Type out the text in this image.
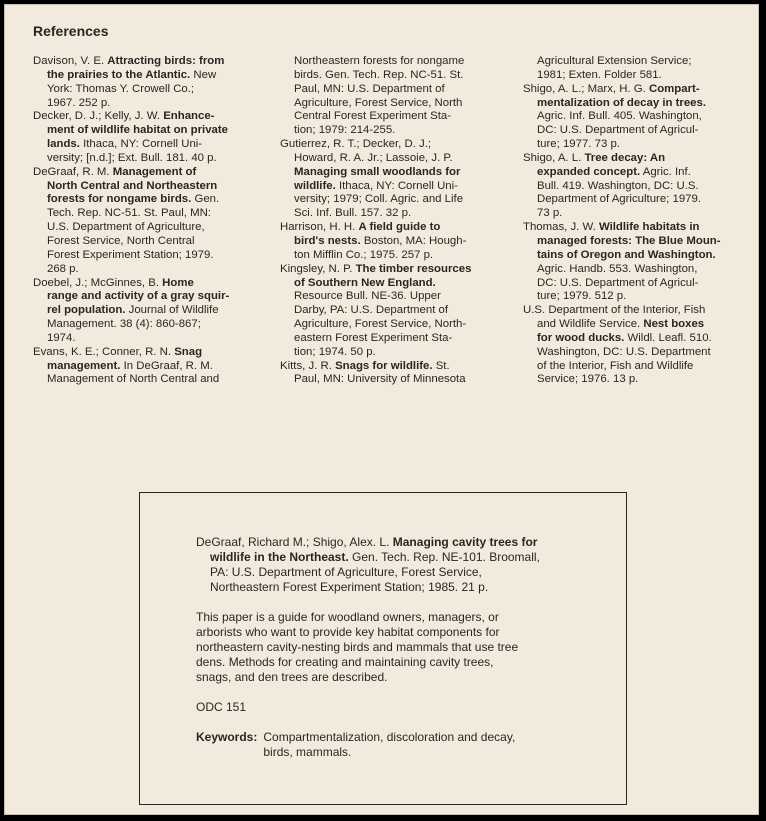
References
Davison, V. E. Attracting birds: from
the prairies to the Atlantic. New
York: Thomas Y. Crowell Co.;
1967. 252 p.
Decker, D. J.; Kelly, J. W. Enhance-
ment of wildlife habitat on private
lands. Ithaca, NY: Cornell Uni-
versity; [n.d.]; Ext. Bull. 181. 40 p.
DeGraaf, R. M. Management of
North Central and Northeastern
forests for nongame birds. Gen.
Tech. Rep. NC-51. St. Paul, MN:
U.S. Department of Agriculture,
Forest Service, North Central
Forest Experiment Station; 1979.
268 p.
Doebel, J.; McGinnes, B. Home
range and activity of a gray squir-
rel population. Journal of Wildlife
Management. 38 (4): 860-867;
1974.
Evans, K. E.; Conner, R. N. Snag
management. In DeGraaf, R. M.
Management of North Central and
Northeastern forests for nongame
birds. Gen. Tech. Rep. NC-51. St.
Paul, MN: U.S. Department of
Agriculture, Forest Service, North
Central Forest Experiment Sta-
tion; 1979: 214-255.
Gutierrez, R. T.; Decker, D. J.;
Howard, R. A. Jr.; Lassoie, J. P.
Managing small woodlands for
wildlife. Ithaca, NY: Cornell Uni-
versity; 1979; Coll. Agric. and Life
Sci. Inf. Bull. 157. 32 p.
Harrison, H. H. A field guide to
bird's nests. Boston, MA: Hough-
ton Mifflin Co.; 1975. 257 p.
Kingsley, N. P. The timber resources
of Southern New England.
Resource Bull. NE-36. Upper
Darby, PA: U.S. Department of
Agriculture, Forest Service, North-
eastern Forest Experiment Sta-
tion; 1974. 50 p.
Kitts, J. R. Snags for wildlife. St.
Paul, MN: University of Minnesota
Agricultural Extension Service;
1981; Exten. Folder 581.
Shigo, A. L.; Marx, H. G. Compart-
mentalization of decay in trees.
Agric. Inf. Bull. 405. Washington,
DC: U.S. Department of Agricul-
ture; 1977. 73 p.
Shigo, A. L. Tree decay: An
expanded concept. Agric. Inf.
Bull. 419. Washington, DC: U.S.
Department of Agriculture; 1979.
73 p.
Thomas, J. W. Wildlife habitats in
managed forests: The Blue Moun-
tains of Oregon and Washington.
Agric. Handb. 553. Washington,
DC: U.S. Department of Agricul-
ture; 1979. 512 p.
U.S. Department of the Interior, Fish
and Wildlife Service. Nest boxes
for wood ducks. Wildl. Leafl. 510.
Washington, DC: U.S. Department
of the Interior, Fish and Wildlife
Service; 1976. 13 p.
DeGraaf, Richard M.; Shigo, Alex. L. Managing cavity trees for
wildlife in the Northeast. Gen. Tech. Rep. NE-101. Broomall,
PA: U.S. Department of Agriculture, Forest Service,
Northeastern Forest Experiment Station; 1985. 21 p.
This paper is a guide for woodland owners, managers, or
arborists who want to provide key habitat components for
northeastern cavity-nesting birds and mammals that use tree
dens. Methods for creating and maintaining cavity trees,
snags, and den trees are described.
ODC 151
Keywords: Compartmentalization, discoloration and decay,
birds, mammals.
